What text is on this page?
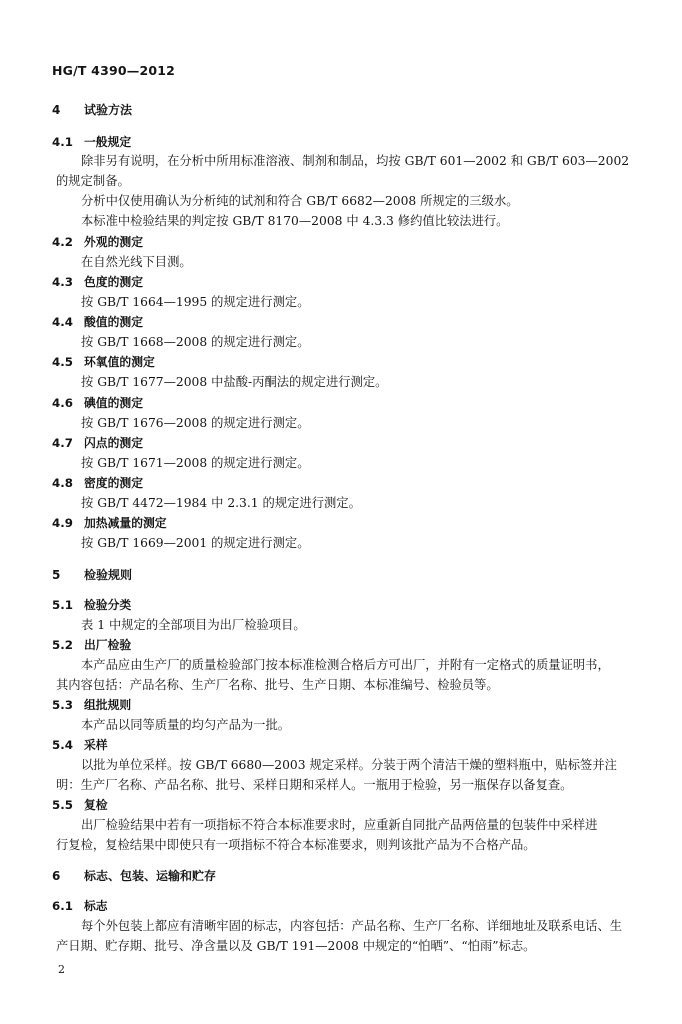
HG/T 4390—2012
4 试验方法
4.1 一般规定
除非另有说明，在分析中所用标准溶液、制剂和制品，均按 GB/T 601—2002 和 GB/T 603—2002
的规定制备。
分析中仅使用确认为分析纯的试剂和符合 GB/T 6682—2008 所规定的三级水。
本标准中检验结果的判定按 GB/T 8170—2008 中 4.3.3 修约值比较法进行。
4.2 外观的测定
在自然光线下目测。
4.3 色度的测定
按 GB/T 1664—1995 的规定进行测定。
4.4 酸值的测定
按 GB/T 1668—2008 的规定进行测定。
4.5 环氧值的测定
按 GB/T 1677—2008 中盐酸-丙酮法的规定进行测定。
4.6 碘值的测定
按 GB/T 1676—2008 的规定进行测定。
4.7 闪点的测定
按 GB/T 1671—2008 的规定进行测定。
4.8 密度的测定
按 GB/T 4472—1984 中 2.3.1 的规定进行测定。
4.9 加热减量的测定
按 GB/T 1669—2001 的规定进行测定。
5 检验规则
5.1 检验分类
表 1 中规定的全部项目为出厂检验项目。
5.2 出厂检验
本产品应由生产厂的质量检验部门按本标准检测合格后方可出厂，并附有一定格式的质量证明书，
其内容包括：产品名称、生产厂名称、批号、生产日期、本标准编号、检验员等。
5.3 组批规则
本产品以同等质量的均匀产品为一批。
5.4 采样
以批为单位采样。按 GB/T 6680—2003 规定采样。分装于两个清洁干燥的塑料瓶中，贴标签并注
明：生产厂名称、产品名称、批号、采样日期和采样人。一瓶用于检验，另一瓶保存以备复查。
5.5 复检
出厂检验结果中若有一项指标不符合本标准要求时，应重新自同批产品两倍量的包装件中采样进
行复检，复检结果中即使只有一项指标不符合本标准要求，则判该批产品为不合格产品。
6 标志、包装、运输和贮存
6.1 标志
每个外包装上都应有清晰牢固的标志，内容包括：产品名称、生产厂名称、详细地址及联系电话、生
产日期、贮存期、批号、净含量以及 GB/T 191—2008 中规定的“怕晒”、“怕雨”标志。
2
